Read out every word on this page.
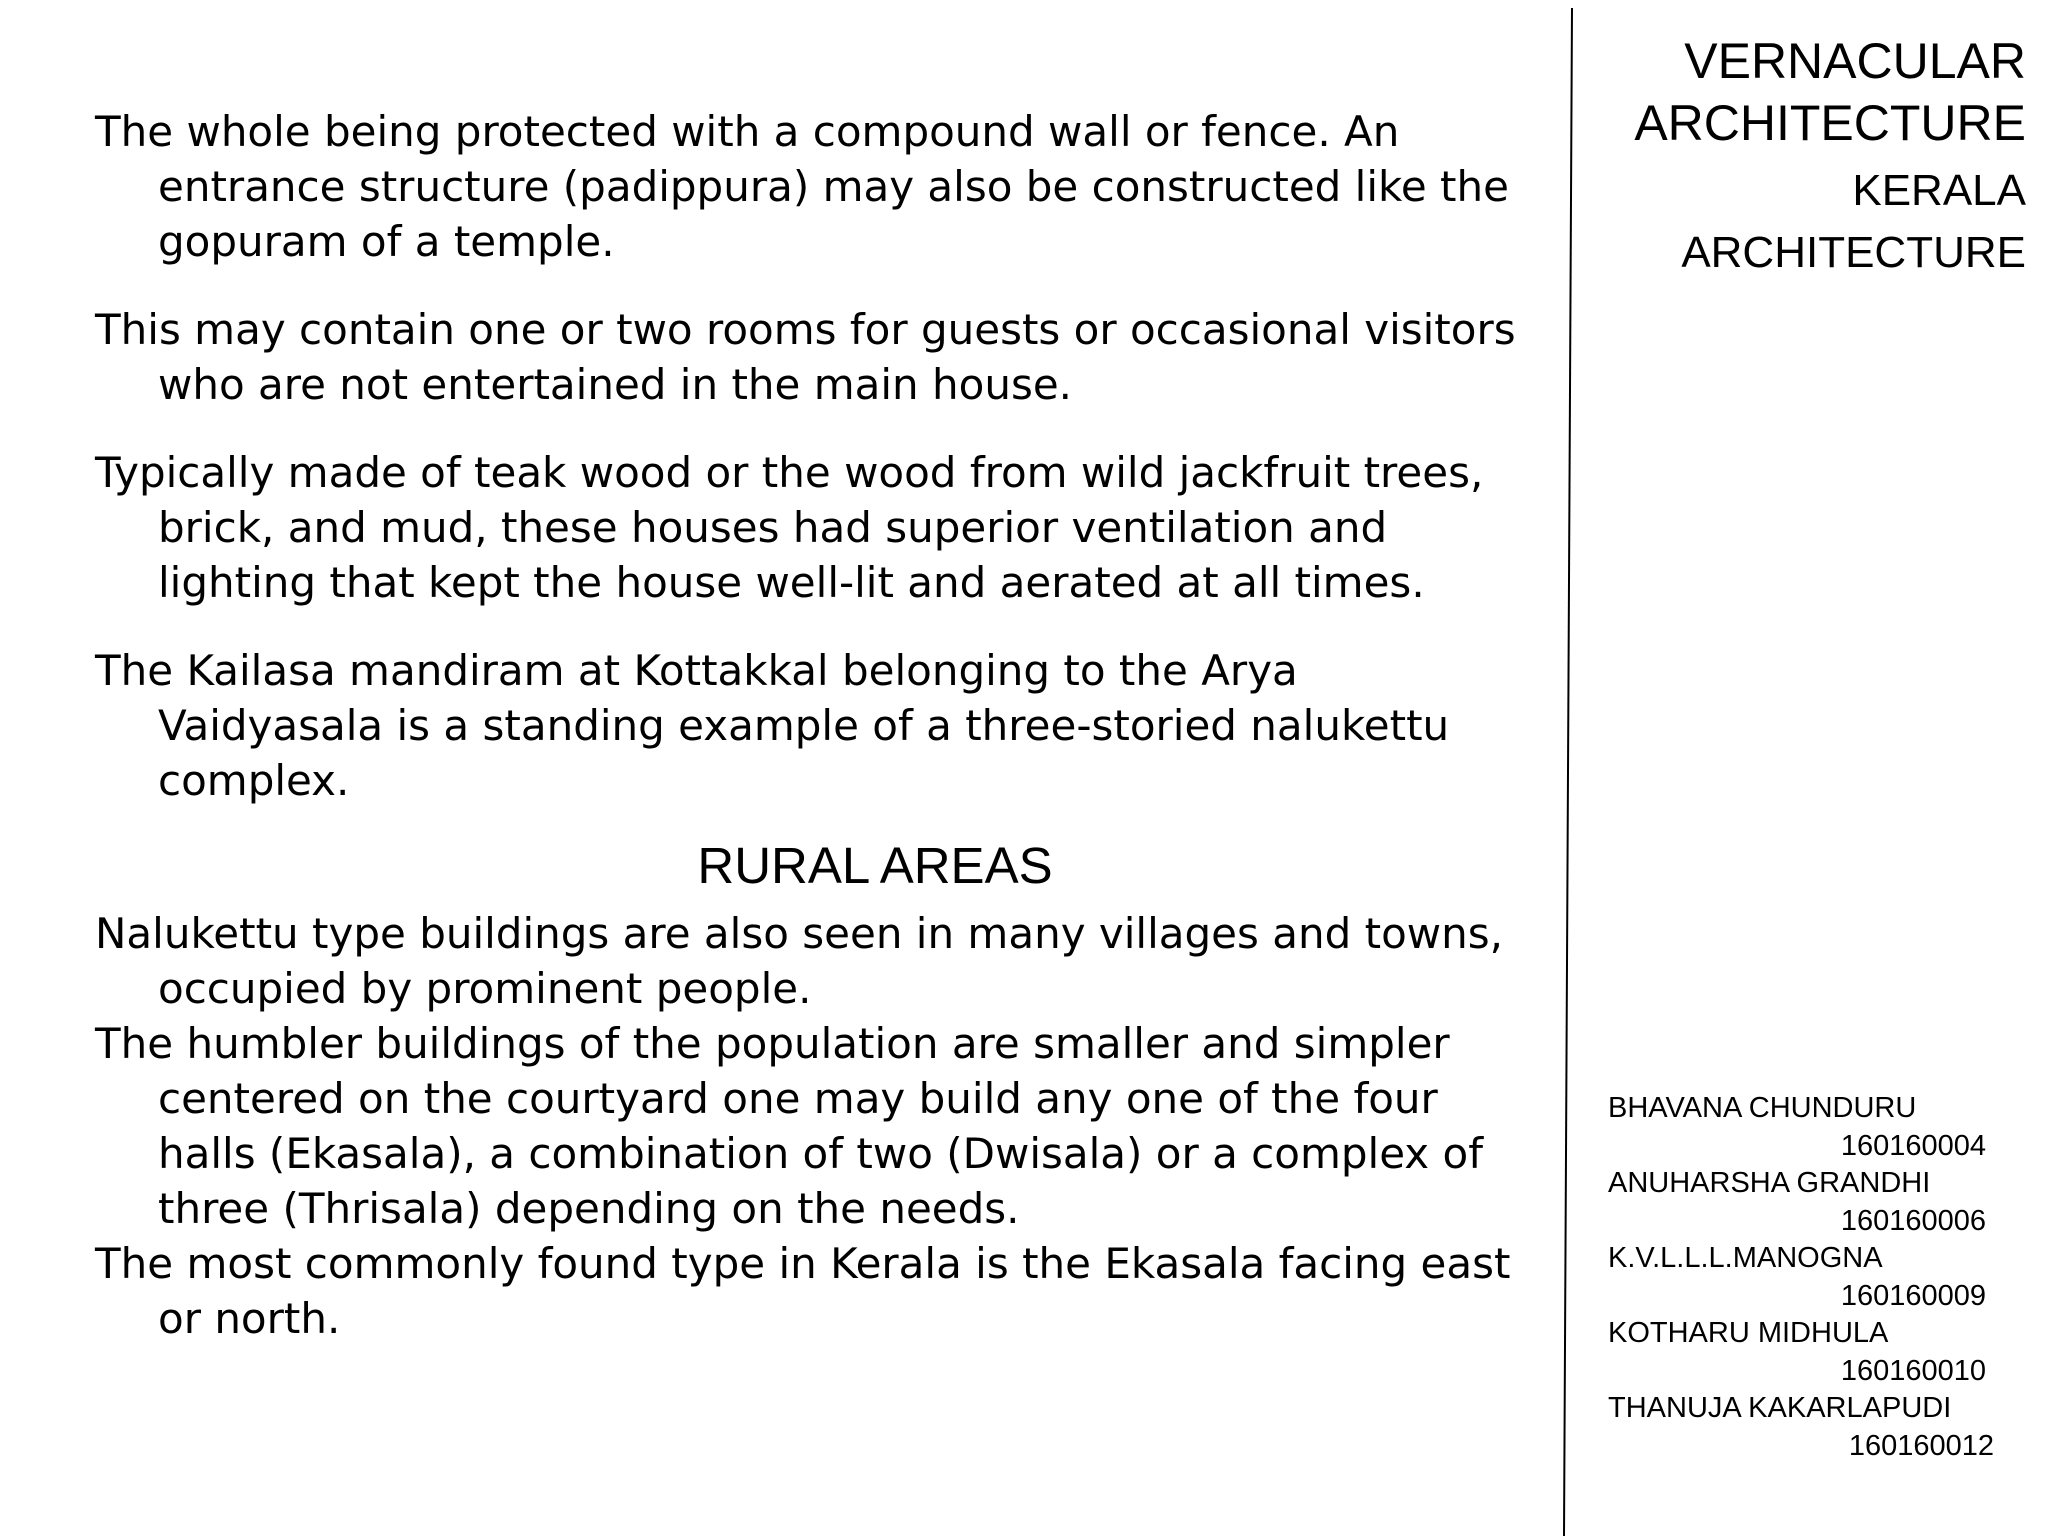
The whole being protected with a compound wall or fence. An entrance structure (padippura) may also be constructed like the gopuram of a temple.

This may contain one or two rooms for guests or occasional visitors who are not entertained in the main house.

Typically made of teak wood or the wood from wild jackfruit trees, brick, and mud, these houses had superior ventilation and lighting that kept the house well-lit and aerated at all times.

The Kailasa mandiram at Kottakkal belonging to the Arya Vaidyasala is a standing example of a three-storied nalukettu complex.

RURAL AREAS

Nalukettu type buildings are also seen in many villages and towns, occupied by prominent people.

The humbler buildings of the population are smaller and simpler centered on the courtyard one may build any one of the four halls (Ekasala), a combination of two (Dwisala) or a complex of three (Thrisala) depending on the needs.

The most commonly found type in Kerala is the Ekasala facing east or north.

VERNACULAR
ARCHITECTURE
KERALA
ARCHITECTURE
BHAVANA CHUNDURU
160160004
ANUHARSHA GRANDHI
160160006
K.V.L.L.L.MANOGNA
160160009
KOTHARU MIDHULA
160160010
THANUJA KAKARLAPUDI
160160012
